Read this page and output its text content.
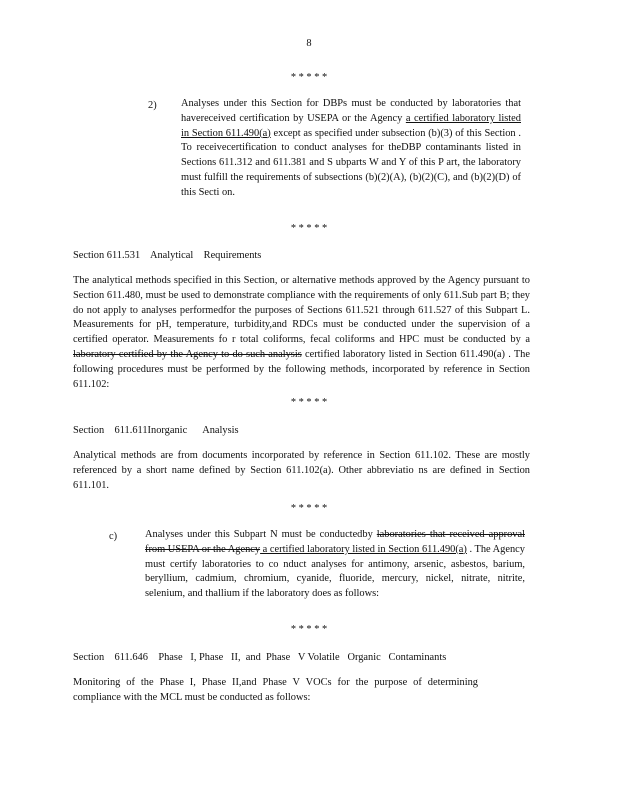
8
* * * * *
2) Analyses under this Section for DBPs must be conducted by laboratories that havereceived certification by USEPA or the Agency a certified laboratory listed in Section 611.490(a) except as specified under subsection (b)(3) of this Section . To receivecertification to conduct analyses for theDBP contaminants listed in Sections 611.312 and 611.381 and S ubparts W and Y of this P art, the laboratory must fulfill the requirements of subsections (b)(2)(A), (b)(2)(C), and (b)(2)(D) of this Secti on.
* * * * *
Section 611.531    Analytical    Requirements
The analytical methods specified in this Section, or alternative methods approved by the Agency pursuant to Section 611.480, must be used to demonstrate compliance with the requirements of only 611.Sub part B; they do not apply to analyses performedfor the purposes of Sections 611.521 through 611.527 of this Subpart L. Measurements for pH, temperature, turbidity,and RDCs must be conducted under the supervision of a certified operator. Measurements fo r total coliforms, fecal coliforms and HPC must be conducted by a laboratory certified by the Agency to do such analysis certified laboratory listed in Section 611.490(a) . The following procedures must be performed by the following methods, incorporated by reference in Section 611.102:
* * * * *
Section    611.611Inorganic      Analysis
Analytical methods are from documents incorporated by reference in Section 611.102. These are mostly referenced by a short name defined by Section 611.102(a). Other abbreviatio ns are defined in Section 611.101.
* * * * *
c)	Analyses under this Subpart N must be conductedby laboratories that received approval from USEPA or the Agency a certified laboratory listed in Section 611.490(a) . The Agency must certify laboratories to co nduct analyses for antimony, arsenic, asbestos, barium, beryllium, cadmium, chromium, cyanide, fluoride, mercury, nickel, nitrate, nitrite, selenium, and thallium if the laboratory does as follows:
* * * * *
Section    611.646    Phase   I, Phase   II,  and  Phase   V Volatile   Organic   Contaminants
Monitoring of the Phase I, Phase II,and Phase V VOCs for the purpose of determining compliance with the MCL must be conducted as follows:
